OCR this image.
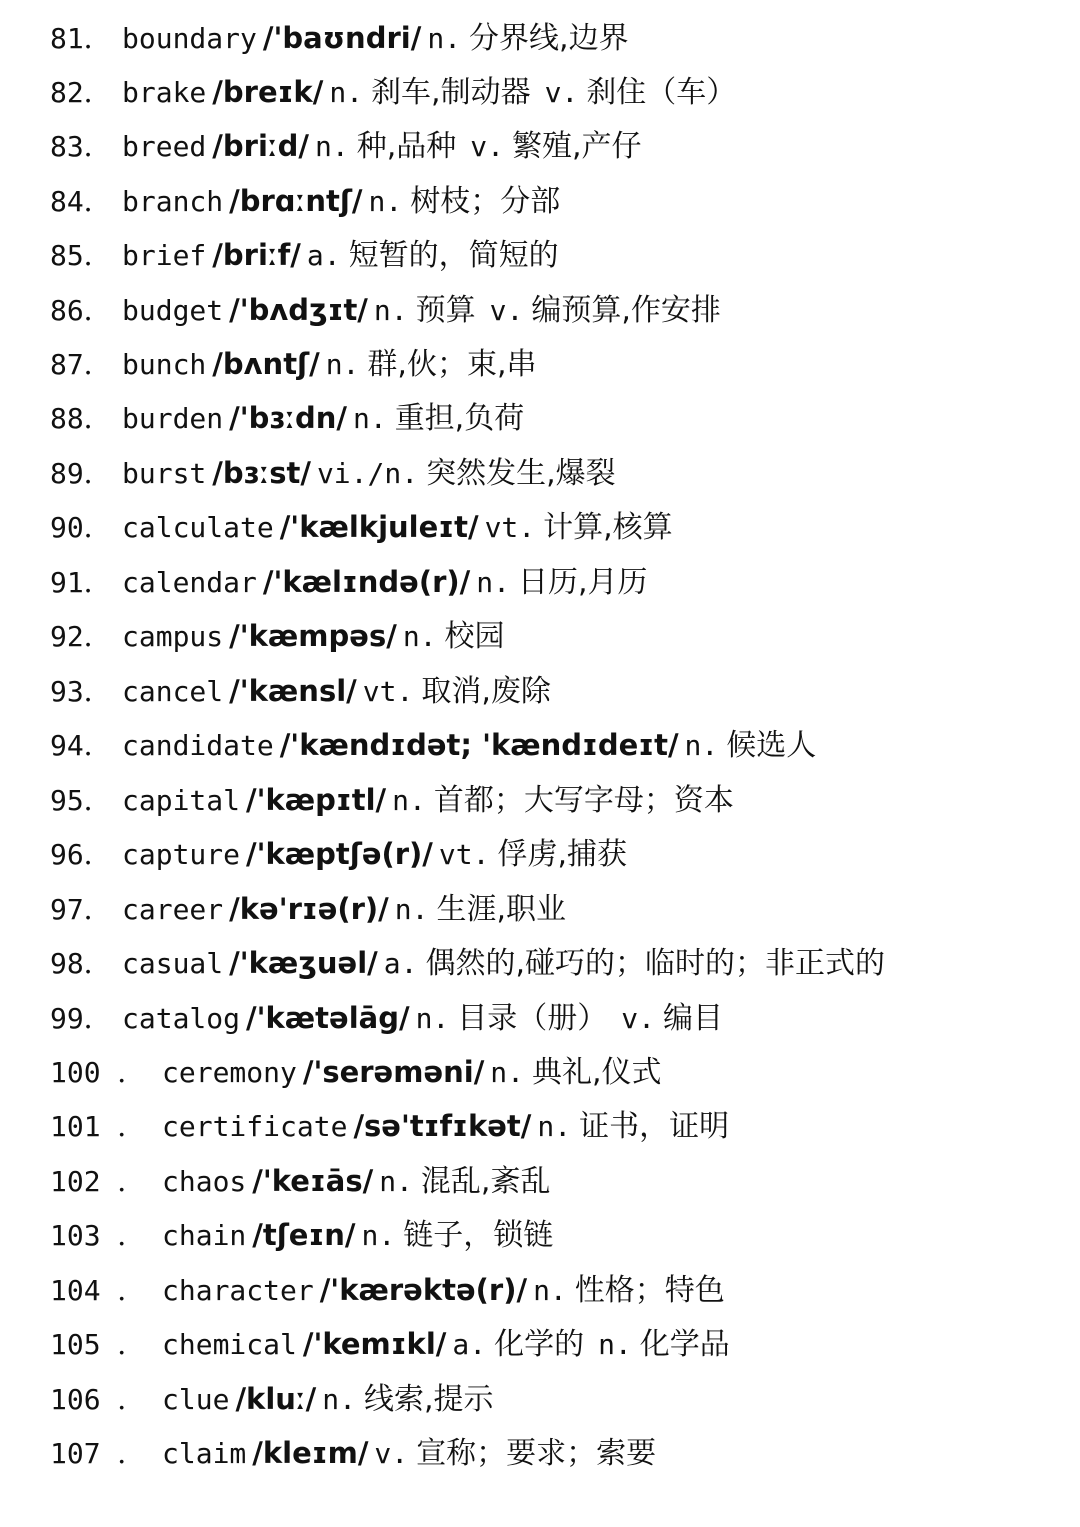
81． boundary /'baʊndri/ n. 分界线,边界
82． brake /breɪk/ n. 刹车,制动器 v. 刹住（车）
83． breed /briːd/ n. 种,品种 v. 繁殖,产仔
84． branch /brɑːntʃ/ n. 树枝；分部
85． brief /briːf/ a. 短暂的，简短的
86． budget /'bʌdʒɪt/ n. 预算 v. 编预算,作安排
87． bunch /bʌntʃ/ n. 群,伙；束,串
88． burden /'bɜːdn/ n. 重担,负荷
89． burst /bɜːst/ vi./n. 突然发生,爆裂
90． calculate /'kælkjuleɪt/ vt. 计算,核算
91． calendar /'kælɪndə(r)/ n. 日历,月历
92． campus /'kæmpəs/ n. 校园
93． cancel /'kænsl/ vt. 取消,废除
94． candidate /'kændɪdət; 'kændɪdeɪt/ n. 候选人
95． capital /'kæpɪtl/ n. 首都；大写字母；资本
96． capture /'kæptʃə(r)/ vt. 俘虏,捕获
97． career /kə'rɪə(r)/ n. 生涯,职业
98． casual /'kæʒuəl/ a. 偶然的,碰巧的；临时的；非正式的
99． catalog /'kætəlāg/ n. 目录（册） v. 编目
100 ． ceremony /'serəməni/ n. 典礼,仪式
101 ． certificate /sə'tɪfɪkət/ n. 证书，证明
102 ． chaos /'keɪās/ n. 混乱,紊乱
103 ． chain /tʃeɪn/ n. 链子，锁链
104 ． character /'kærəktə(r)/ n. 性格；特色
105 ． chemical /'kemɪkl/ a. 化学的 n. 化学品
106 ． clue /kluː/ n. 线索,提示
107 ． claim /kleɪm/ v. 宣称；要求；索要
